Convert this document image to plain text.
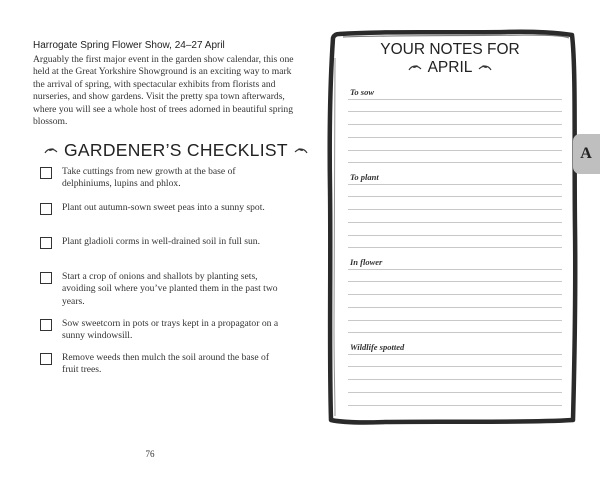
Harrogate Spring Flower Show, 24–27 April
Arguably the first major event in the garden show calendar, this one held at the Great Yorkshire Showground is an exciting way to mark the arrival of spring, with spectacular exhibits from florists and nurseries, and show gardens. Visit the pretty spa town afterwards, where you will see a whole host of trees adorned in beautiful spring blossom.
GARDENER’S CHECKLIST
Take cuttings from new growth at the base of delphiniums, lupins and phlox.
Plant out autumn-sown sweet peas into a sunny spot.
Plant gladioli corms in well-drained soil in full sun.
Start a crop of onions and shallots by planting sets, avoiding soil where you’ve planted them in the past two years.
Sow sweetcorn in pots or trays kept in a propagator on a sunny windowsill.
Remove weeds then mulch the soil around the base of fruit trees.
76
YOUR NOTES FOR
APRIL
To sow
To plant
In flower
Wildlife spotted
A
